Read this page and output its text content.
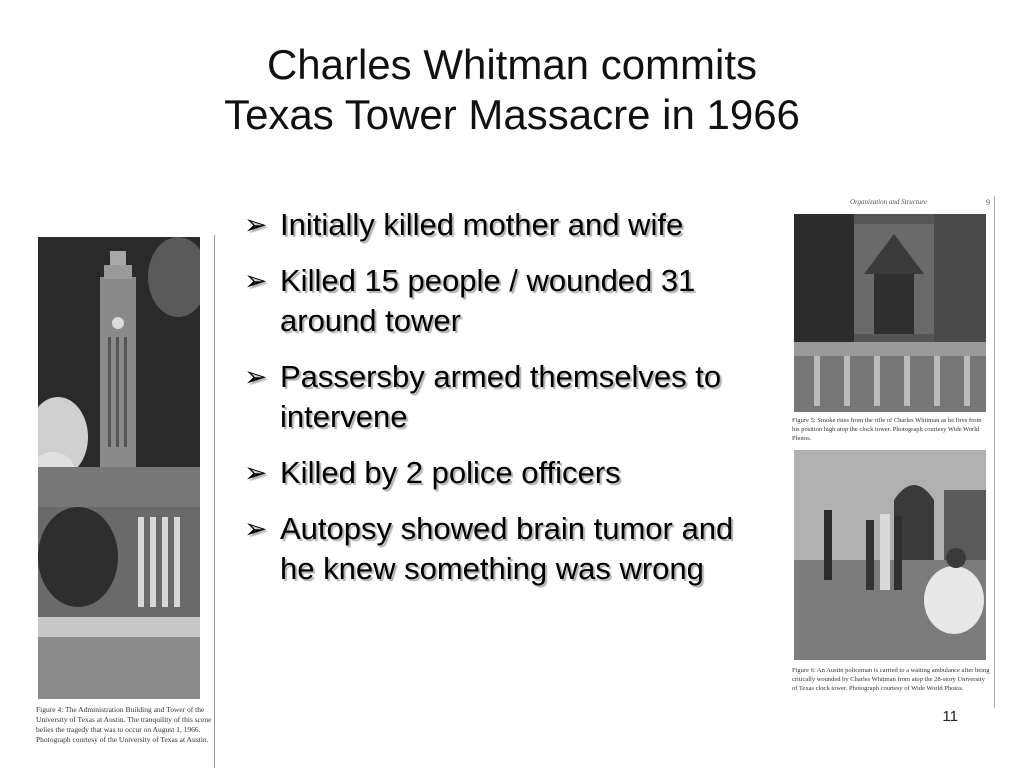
Charles Whitman commits
Texas Tower Massacre in 1966
➢ Initially killed mother and wife
➢ Killed 15 people / wounded 31 around tower
➢ Passersby armed themselves to intervene
➢ Killed by 2 police officers
➢ Autopsy showed brain tumor and he knew something was wrong
11
Figure 4: The Administration Building and Tower of the University of Texas at Austin. The tranquility of this scene belies the tragedy that was to occur on August 1, 1966. Photograph courtesy of the University of Texas at Austin.
Organization and Structure	9
Figure 5: Smoke rises from the rifle of Charles Whitman as he fires from his position high atop the clock tower. Photograph courtesy Wide World Photos.
Figure 6: An Austin policeman is carried to a waiting ambulance after being critically wounded by Charles Whitman from atop the 28-story University of Texas clock tower. Photograph courtesy of Wide World Photos.
